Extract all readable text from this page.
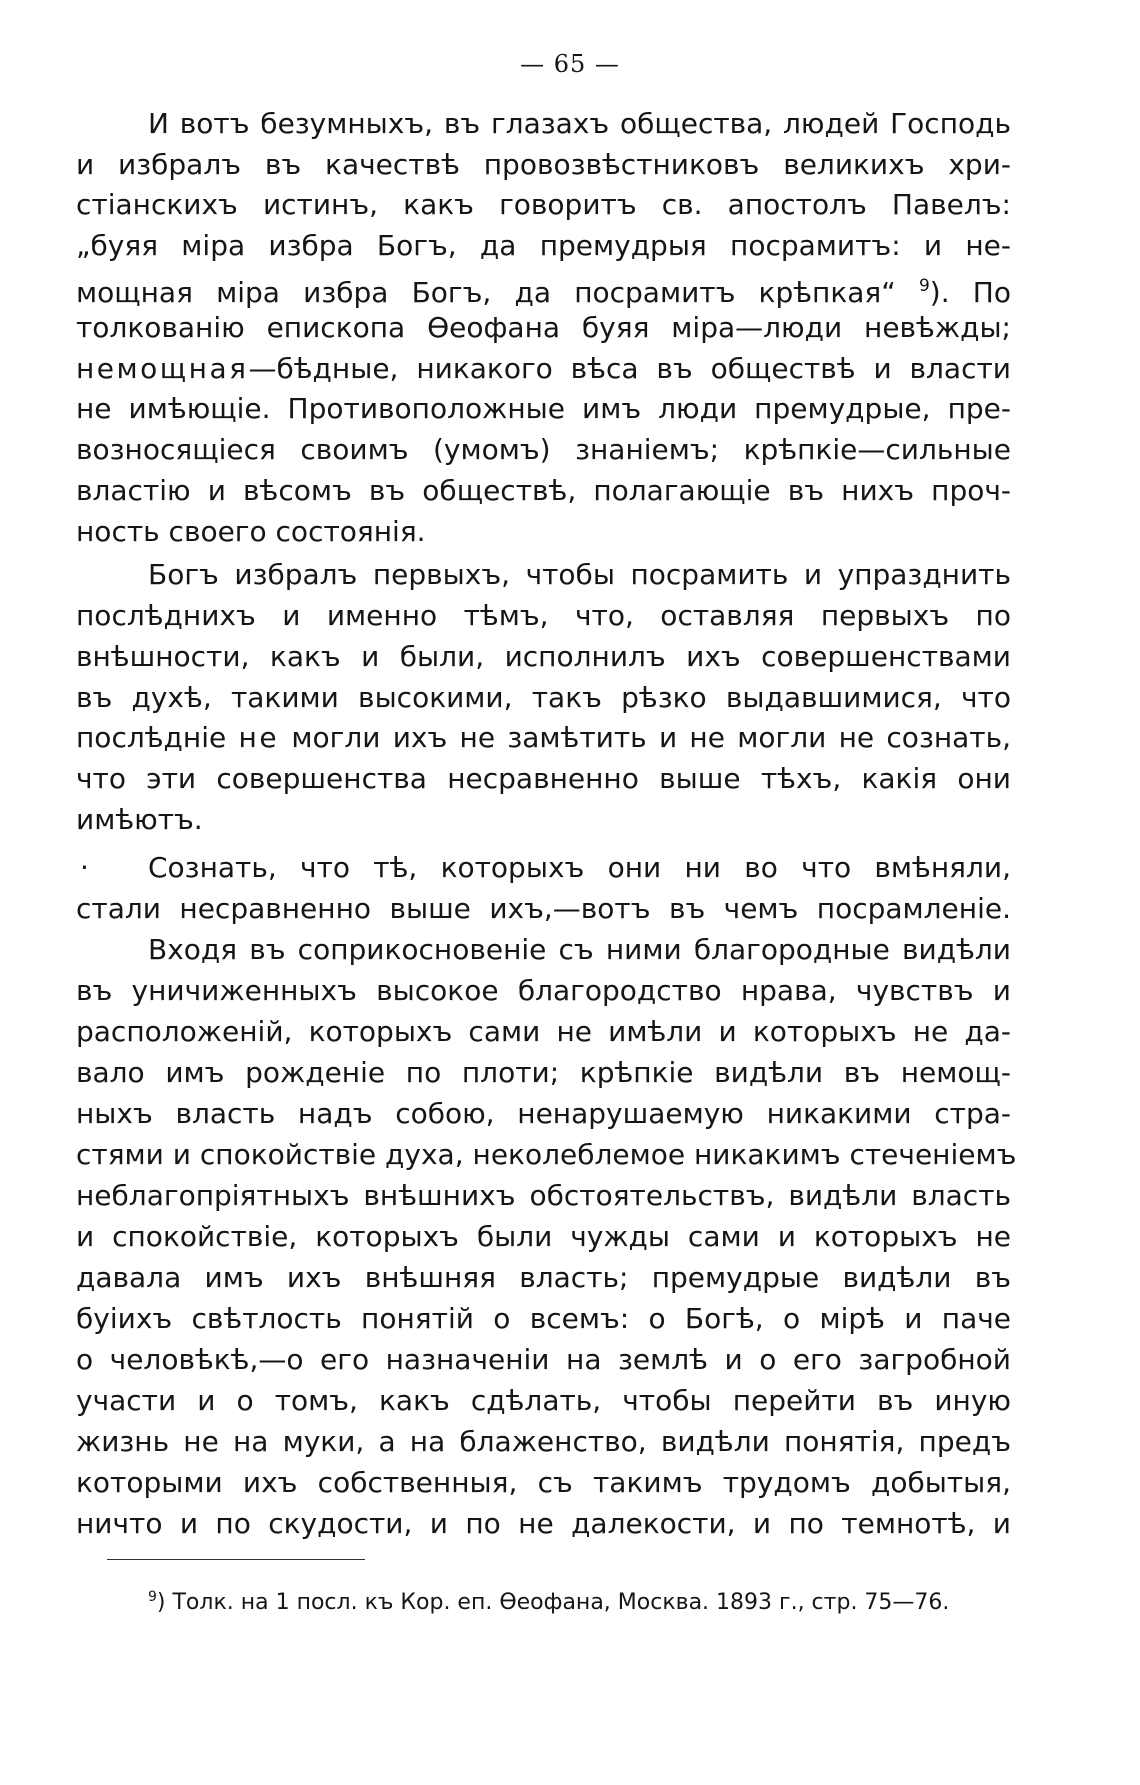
— 65 —
И вотъ безумныхъ, въ глазахъ общества, людей Господь
и избралъ въ качествѣ провозвѣстниковъ великихъ хри-
стіанскихъ истинъ, какъ говоритъ св. апостолъ Павелъ:
„буяя міра избра Богъ, да премудрыя посрамитъ: и не-
мощная міра избра Богъ, да посрамитъ крѣпкая“ $^9$). По
толкованію епископа Ѳеофана буяя міра—люди невѣжды;
немощная—бѣдные, никакого вѣса въ обществѣ и власти
не имѣющіе. Противоположные имъ люди премудрые, пре-
возносящіеся своимъ (умомъ) знаніемъ; крѣпкіе—сильные
властію и вѣсомъ въ обществѣ, полагающіе въ нихъ проч-
ность своего состоянія.
Богъ избралъ первыхъ, чтобы посрамить и упразднить
послѣднихъ и именно тѣмъ, что, оставляя первыхъ по
внѣшности, какъ и были, исполнилъ ихъ совершенствами
въ духѣ, такими высокими, такъ рѣзко выдавшимися, что
послѣдніе не могли ихъ не замѣтить и не могли не сознать,
что эти совершенства несравненно выше тѣхъ, какія они
имѣютъ.
· Сознать, что тѣ, которыхъ они ни во что вмѣняли,
стали несравненно выше ихъ,—вотъ въ чемъ посрамленіе.
Входя въ соприкосновеніе съ ними благородные видѣли
въ уничиженныхъ высокое благородство нрава, чувствъ и
расположеній, которыхъ сами не имѣли и которыхъ не да-
вало имъ рожденіе по плоти; крѣпкіе видѣли въ немощ-
ныхъ власть надъ собою, ненарушаемую никакими стра-
стями и спокойствіе духа, неколеблемое никакимъ стеченіемъ
неблагопріятныхъ внѣшнихъ обстоятельствъ, видѣли власть
и спокойствіе, которыхъ были чужды сами и которыхъ не
давала имъ ихъ внѣшняя власть; премудрые видѣли въ
буіихъ свѣтлость понятій о всемъ: о Богѣ, о мірѣ и паче
о человѣкѣ,—о его назначеніи на землѣ и о его загробной
участи и о томъ, какъ сдѣлать, чтобы перейти въ иную
жизнь не на муки, а на блаженство, видѣли понятія, предъ
которыми ихъ собственныя, съ такимъ трудомъ добытыя,
ничто и по скудости, и по не далекости, и по темнотѣ, и
$^9$) Толк. на 1 посл. къ Кор. еп. Ѳеофана, Москва. 1893 г., стр. 75—76.
